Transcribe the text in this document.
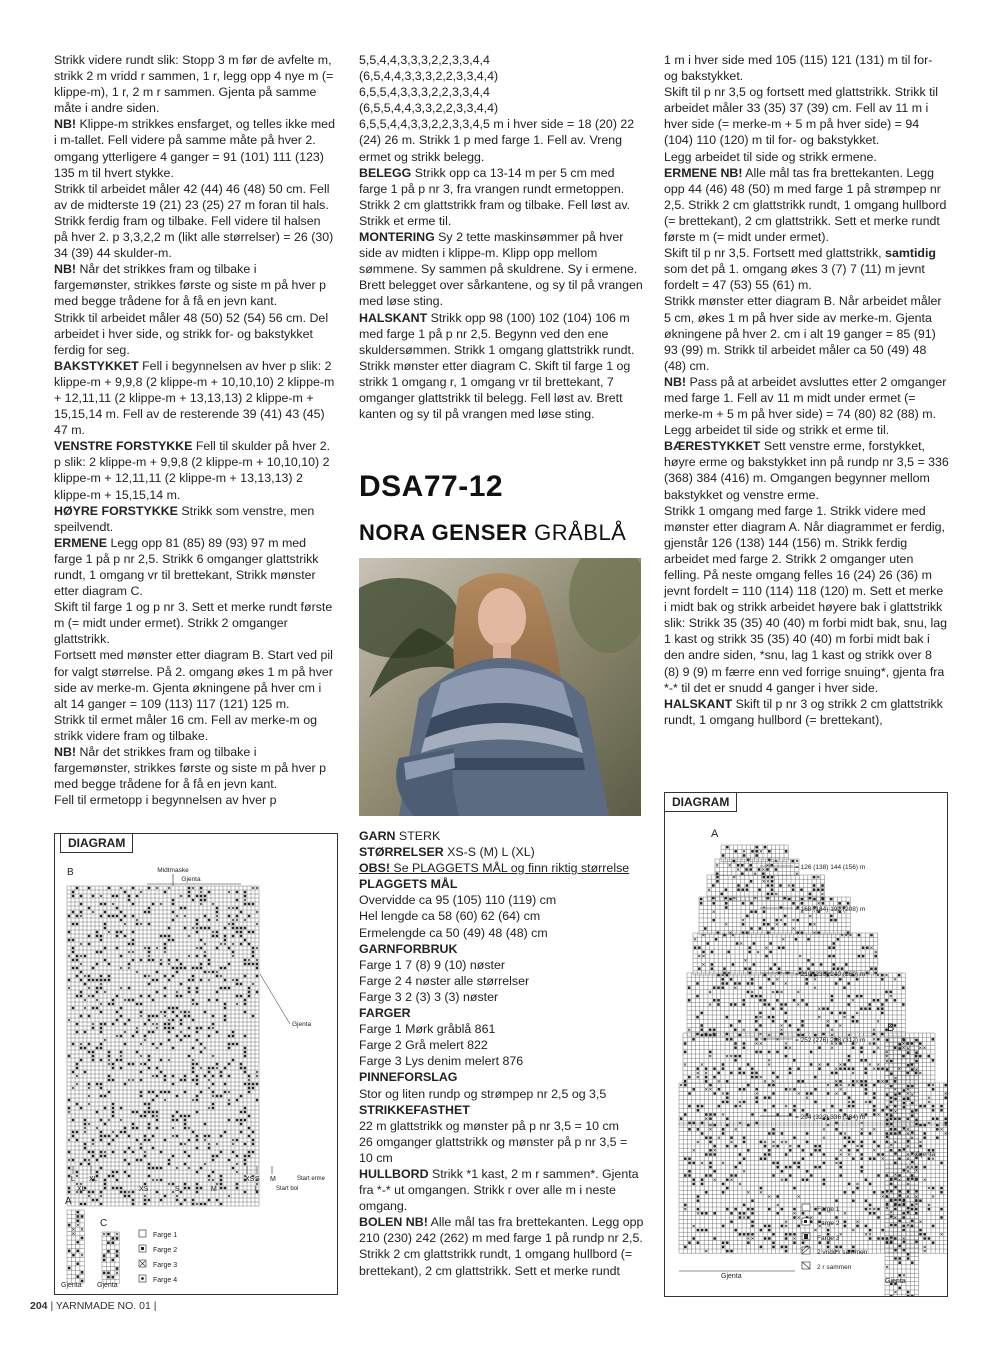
Strikk videre rundt slik: Stopp 3 m før de avfelte m, strikk 2 m vridd r sammen, 1 r, legg opp 4 nye m (= klippe-m), 1 r, 2 m r sammen. Gjenta på samme måte i andre siden.

NB! Klippe-m strikkes ensfarget, og telles ikke med i m-tallet. Fell videre på samme måte på hver 2. omgang ytterligere 4 ganger = 91 (101) 111 (123) 135 m til hvert stykke.

Strikk til arbeidet måler 42 (44) 46 (48) 50 cm. Fell av de midterste 19 (21) 23 (25) 27 m foran til hals. Strikk ferdig fram og tilbake. Fell videre til halsen på hver 2. p 3,3,2,2 m (likt alle størrelser) = 26 (30) 34 (39) 44 skulder-m.

NB! Når det strikkes fram og tilbake i fargemønster, strikkes første og siste m på hver p med begge trådene for å få en jevn kant.

Strikk til arbeidet måler 48 (50) 52 (54) 56 cm. Del arbeidet i hver side, og strikk for- og bakstykket ferdig for seg.

BAKSTYKKET Fell i begynnelsen av hver p slik: 2 klippe-m + 9,9,8 (2 klippe-m + 10,10,10) 2 klippe-m + 12,11,11 (2 klippe-m + 13,13,13) 2 klippe-m + 15,15,14 m. Fell av de resterende 39 (41) 43 (45) 47 m.

VENSTRE FORSTYKKE Fell til skulder på hver 2. p slik: 2 klippe-m + 9,9,8 (2 klippe-m + 10,10,10) 2 klippe-m + 12,11,11 (2 klippe-m + 13,13,13) 2 klippe-m + 15,15,14 m.

HØYRE FORSTYKKE Strikk som venstre, men speilvendt.

ERMENE Legg opp 81 (85) 89 (93) 97 m med farge 1 på p nr 2,5. Strikk 6 omganger glattstrikk rundt, 1 omgang vr til brettekant, Strikk mønster etter diagram C.

Skift til farge 1 og p nr 3. Sett et merke rundt første m (= midt under ermet). Strikk 2 omganger glattstrikk.

Fortsett med mønster etter diagram B. Start ved pil for valgt størrelse. På 2. omgang økes 1 m på hver side av merke-m. Gjenta økningene på hver cm i alt 14 ganger = 109 (113) 117 (121) 125 m.

Strikk til ermet måler 16 cm. Fell av merke-m og strikk videre fram og tilbake.

NB! Når det strikkes fram og tilbake i fargemønster, strikkes første og siste m på hver p med begge trådene for å få en jevn kant.

Fell til ermetopp i begynnelsen av hver p

5,5,4,4,3,3,3,2,2,3,3,4,4

(6,5,4,4,3,3,3,2,2,3,3,4,4)

6,5,5,4,3,3,3,2,2,3,3,4,4

(6,5,5,4,4,3,3,2,2,3,3,4,4)

6,5,5,4,4,3,3,2,2,3,3,4,5 m i hver side = 18 (20) 22 (24) 26 m. Strikk 1 p med farge 1. Fell av. Vreng ermet og strikk belegg.

BELEGG Strikk opp ca 13-14 m per 5 cm med farge 1 på p nr 3, fra vrangen rundt ermetoppen. Strikk 2 cm glattstrikk fram og tilbake. Fell løst av.

Strikk et erme til.

MONTERING Sy 2 tette maskinsømmer på hver side av midten i klippe-m. Klipp opp mellom sømmene. Sy sammen på skuldrene. Sy i ermene. Brett belegget over sårkantene, og sy til på vrangen med løse sting.

HALSKANT Strikk opp 98 (100) 102 (104) 106 m med farge 1 på p nr 2,5. Begynn ved den ene skuldersømmen. Strikk 1 omgang glattstrikk rundt. Strikk mønster etter diagram C. Skift til farge 1 og strikk 1 omgang r, 1 omgang vr til brettekant, 7 omganger glattstrikk til belegg. Fell løst av. Brett kanten og sy til på vrangen med løse sting.

1 m i hver side med 105 (115) 121 (131) m til for- og bakstykket.

Skift til p nr 3,5 og fortsett med glattstrikk. Strikk til arbeidet måler 33 (35) 37 (39) cm. Fell av 11 m i hver side (= merke-m + 5 m på hver side) = 94 (104) 110 (120) m til for- og bakstykket.

Legg arbeidet til side og strikk ermene.

ERMENE NB! Alle mål tas fra brettekanten. Legg opp 44 (46) 48 (50) m med farge 1 på strømpep nr 2,5. Strikk 2 cm glattstrikk rundt, 1 omgang hullbord (= brettekant), 2 cm glattstrikk. Sett et merke rundt første m (= midt under ermet).

Skift til p nr 3,5. Fortsett med glattstrikk, samtidig som det på 1. omgang økes 3 (7) 7 (11) m jevnt fordelt = 47 (53) 55 (61) m.

Strikk mønster etter diagram B. Når arbeidet måler 5 cm, økes 1 m på hver side av merke-m. Gjenta økningene på hver 2. cm i alt 19 ganger = 85 (91) 93 (99) m. Strikk til arbeidet måler ca 50 (49) 48 (48) cm.

NB! Pass på at arbeidet avsluttes etter 2 omganger med farge 1. Fell av 11 m midt under ermet (= merke-m + 5 m på hver side) = 74 (80) 82 (88) m.

Legg arbeidet til side og strikk et erme til.

BÆRESTYKKET Sett venstre erme, forstykket, høyre erme og bakstykket inn på rundp nr 3,5 = 336 (368) 384 (416) m. Omgangen begynner mellom bakstykket og venstre erme.

Strikk 1 omgang med farge 1. Strikk videre med mønster etter diagram A. Når diagrammet er ferdig, gjenstår 126 (138) 144 (156) m. Strikk ferdig arbeidet med farge 2. Strikk 2 omganger uten felling. På neste omgang felles 16 (24) 26 (36) m jevnt fordelt = 110 (114) 118 (120) m. Sett et merke i midt bak og strikk arbeidet høyere bak i glattstrikk slik: Strikk 35 (35) 40 (40) m forbi midt bak, snu, lag 1 kast og strikk 35 (35) 40 (40) m forbi midt bak i den andre siden, *snu, lag 1 kast og strikk over 8 (8) 9 (9) m færre enn ved forrige snuing*, gjenta fra *-* til det er snudd 4 ganger i hver side.

HALSKANT Skift til p nr 3 og strikk 2 cm glattstrikk rundt, 1 omgang hullbord (= brettekant),

DSA77-12
NORA GENSER GRÅBLÅ

GARN STERK

STØRRELSER XS-S (M) L (XL)

OBS! Se PLAGGETS MÅL og finn riktig størrelse

PLAGGETS MÅL

Overvidde ca 95 (105) 110 (119) cm

Hel lengde ca 58 (60) 62 (64) cm

Ermelengde ca 50 (49) 48 (48) cm

GARNFORBRUK

Farge 1 7 (8) 9 (10) nøster

Farge 2 4 nøster alle størrelser

Farge 3 2 (3) 3 (3) nøster

FARGER

Farge 1 Mørk gråblå 861

Farge 2 Grå melert 822

Farge 3 Lys denim melert 876

PINNEFORSLAG

Stor og liten rundp og strømpep nr 2,5 og 3,5

STRIKKEFASTHET

22 m glattstrikk og mønster på p nr 3,5 = 10 cm

26 omganger glattstrikk og mønster på p nr 3,5 = 10 cm

HULLBORD Strikk *1 kast, 2 m r sammen*. Gjenta fra *-* ut omgangen. Strikk r over alle m i neste omgang.

BOLEN NB! Alle mål tas fra brettekanten. Legg opp 210 (230) 242 (262) m med farge 1 på rundp nr 2,5. Strikk 2 cm glattstrikk rundt, 1 omgang hullbord (= brettekant), 2 cm glattstrikk. Sett et merke rundt

B	Midtmaske
Gjenta
Gjenta
L XL	XS S M
XL	XS	S	M	L
Start erme
Start bol
A
Gjenta
C
Gjenta
Farge 1
Farge 2
Farge 3
Farge 4
DIAGRAM
A
= 126 (138) 144 (156) m
= 168 (184) 192 (208) m
= 210 (230) 240 (260) m
= 252 (276) 288 (312) m
= 294 (322) 336 (364) m
B
Gjenta
Gjenta
Gjenta
Farge 1
Farge 2
Farge 3
2 vridd r sammen
2 r sammen
DIAGRAM
204 | YARNMADE NO. 01 |
